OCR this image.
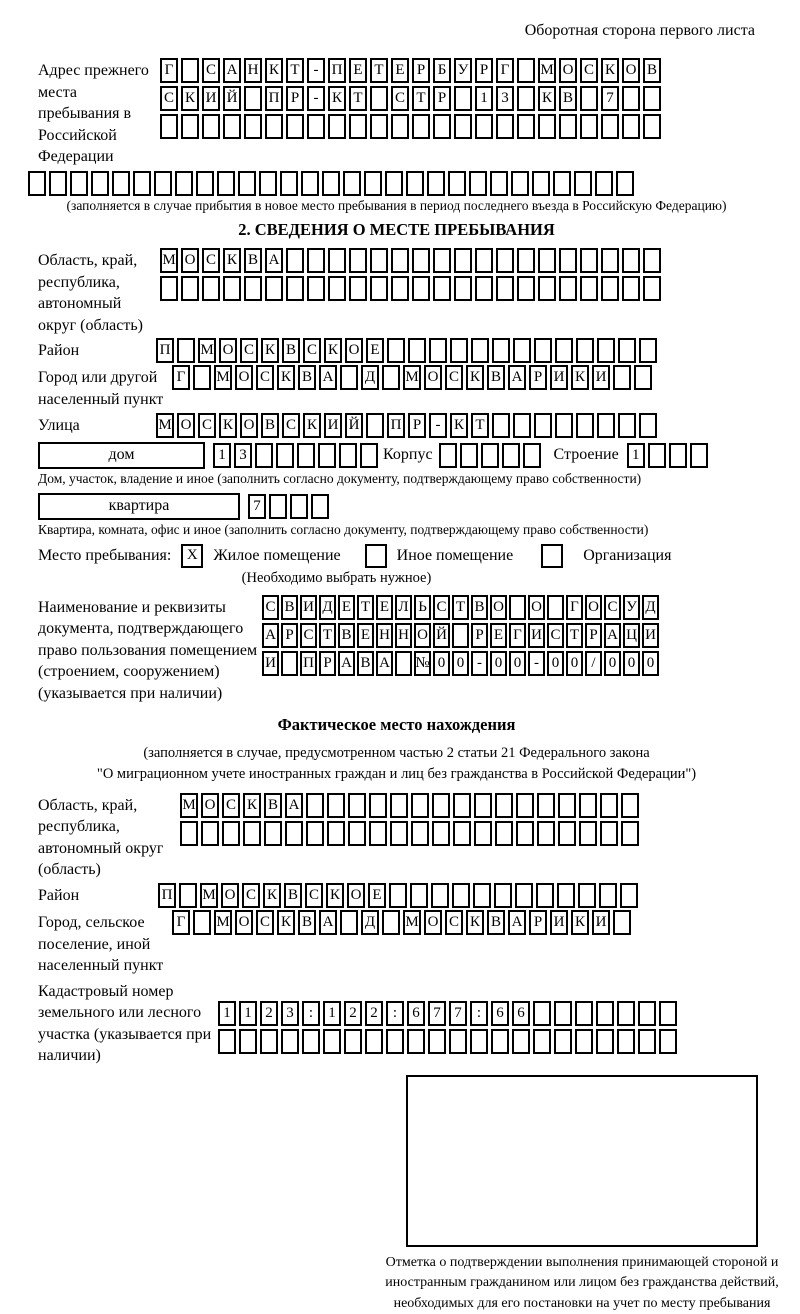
Оборотная сторона первого листа
Адрес прежнего места пребывания в Российской Федерации
Г	С А Н К Т - П Е Т Е Р Б У Р Г	М О С К О В
С К И Й П Р - К Т С Т Р	1 3	К В	7
(заполняется в случае прибытия в новое место пребывания в период последнего въезда в Российскую Федерацию)
2. СВЕДЕНИЯ О МЕСТЕ ПРЕБЫВАНИЯ
Область, край, республика, автономный округ (область)
М О С К В А
Район	П М О С К В С К О Е
Город или другой населенный пункт
Г	М О С К В А Д М О С К В А Р И К И
Улица	М О С К О В С К И Й П Р - К Т
дом	1 3	Корпус	Строение 1
Дом, участок, владение и иное (заполнить согласно документу, подтверждающему право собственности)
квартира	7
Квартира, комната, офис и иное (заполнить согласно документу, подтверждающему право собственности)
Место пребывания:	X Жилое помещение	Иное помещение	Организация
(Необходимо выбрать нужное)
Наименование и реквизиты документа, подтверждающего право пользования помещением (строением, сооружением) (указывается при наличии)
С В И Д Е Т Е Л Ь С Т В О О Г О С У Д
А Р С Т В Е Н Н О Й Р Е Г И С Т Р А Ц И
И П Р А В А № 0 0 - 0 0 - 0 0 / 0 0 0
Фактическое место нахождения
(заполняется в случае, предусмотренном частью 2 статьи 21 Федерального закона
"О миграционном учете иностранных граждан и лиц без гражданства в Российской Федерации")
Область, край, республика, автономный округ (область)
М О С К В А
Район	П М О С К В С К О Е
Город, сельское поселение, иной населенный пункт
Г	М О С К В А Д М О С К В А Р И К И
Кадастровый номер земельного или лесного участка (указывается при наличии)
1 1 2 3	:	1 2 2	:	6 7 7	:	6 6
Отметка о подтверждении выполнения принимающей стороной и иностранным гражданином или лицом без гражданства действий, необходимых для его постановки на учет по месту пребывания
